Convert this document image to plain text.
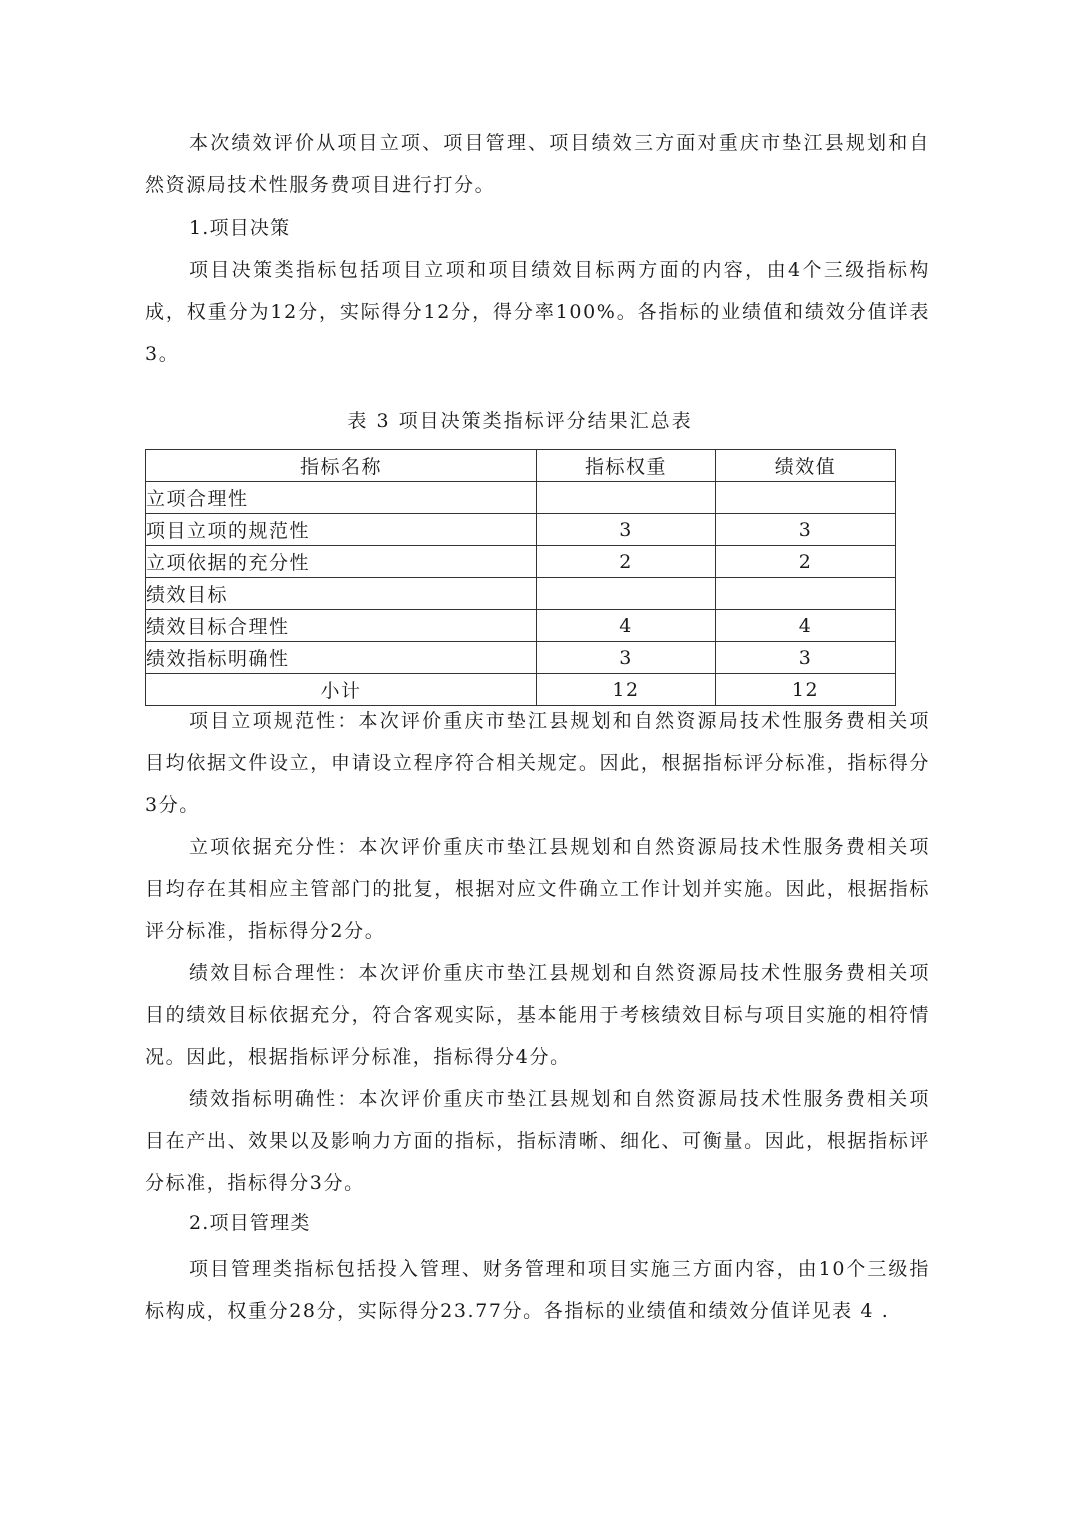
本次绩效评价从项目立项、项目管理、项目绩效三方面对重庆市垫江县规划和自然资源局技术性服务费项目进行打分。

1.项目决策

项目决策类指标包括项目立项和项目绩效目标两方面的内容，由4个三级指标构成，权重分为12分，实际得分12分，得分率100%。各指标的业绩值和绩效分值详表3。

表 3 项目决策类指标评分结果汇总表

指标名称	指标权重	绩效值
立项合理性		
项目立项的规范性	3	3
立项依据的充分性	2	2
绩效目标		
绩效目标合理性	4	4
绩效指标明确性	3	3
小计	12	12

项目立项规范性：本次评价重庆市垫江县规划和自然资源局技术性服务费相关项目均依据文件设立，申请设立程序符合相关规定。因此，根据指标评分标准，指标得分3分。

立项依据充分性：本次评价重庆市垫江县规划和自然资源局技术性服务费相关项目均存在其相应主管部门的批复，根据对应文件确立工作计划并实施。因此，根据指标评分标准，指标得分2分。

绩效目标合理性：本次评价重庆市垫江县规划和自然资源局技术性服务费相关项目的绩效目标依据充分，符合客观实际，基本能用于考核绩效目标与项目实施的相符情况。因此，根据指标评分标准，指标得分4分。

绩效指标明确性：本次评价重庆市垫江县规划和自然资源局技术性服务费相关项目在产出、效果以及影响力方面的指标，指标清晰、细化、可衡量。因此，根据指标评分标准，指标得分3分。

2.项目管理类

项目管理类指标包括投入管理、财务管理和项目实施三方面内容，由10个三级指标构成，权重分28分，实际得分23.77分。各指标的业绩值和绩效分值详见表 4 .
